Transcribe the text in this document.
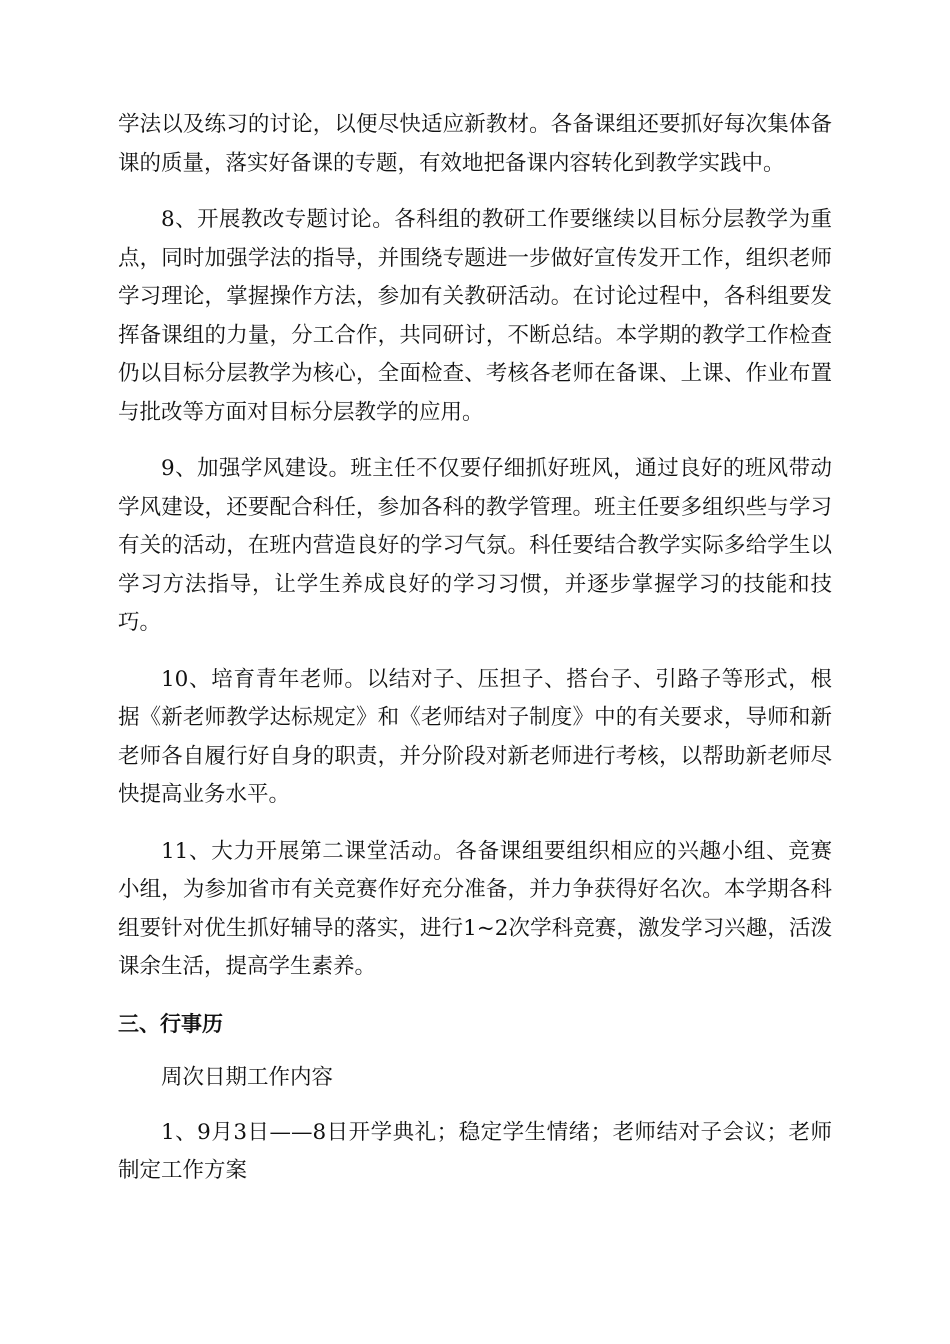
学法以及练习的讨论，以便尽快适应新教材。各备课组还要抓好每次集体备课的质量，落实好备课的专题，有效地把备课内容转化到教学实践中。

8、开展教改专题讨论。各科组的教研工作要继续以目标分层教学为重点，同时加强学法的指导，并围绕专题进一步做好宣传发开工作，组织老师学习理论，掌握操作方法，参加有关教研活动。在讨论过程中，各科组要发挥备课组的力量，分工合作，共同研讨，不断总结。本学期的教学工作检查仍以目标分层教学为核心，全面检查、考核各老师在备课、上课、作业布置与批改等方面对目标分层教学的应用。

9、加强学风建设。班主任不仅要仔细抓好班风，通过良好的班风带动学风建设，还要配合科任，参加各科的教学管理。班主任要多组织些与学习有关的活动，在班内营造良好的学习气氛。科任要结合教学实际多给学生以学习方法指导，让学生养成良好的学习习惯，并逐步掌握学习的技能和技巧。

10、培育青年老师。以结对子、压担子、搭台子、引路子等形式，根据《新老师教学达标规定》和《老师结对子制度》中的有关要求，导师和新老师各自履行好自身的职责，并分阶段对新老师进行考核，以帮助新老师尽快提高业务水平。

11、大力开展第二课堂活动。各备课组要组织相应的兴趣小组、竞赛小组，为参加省市有关竞赛作好充分准备，并力争获得好名次。本学期各科组要针对优生抓好辅导的落实，进行1~2次学科竞赛，激发学习兴趣，活泼课余生活，提高学生素养。

三、行事历
周次日期工作内容

1、9月3日——8日开学典礼；稳定学生情绪；老师结对子会议；老师制定工作方案
